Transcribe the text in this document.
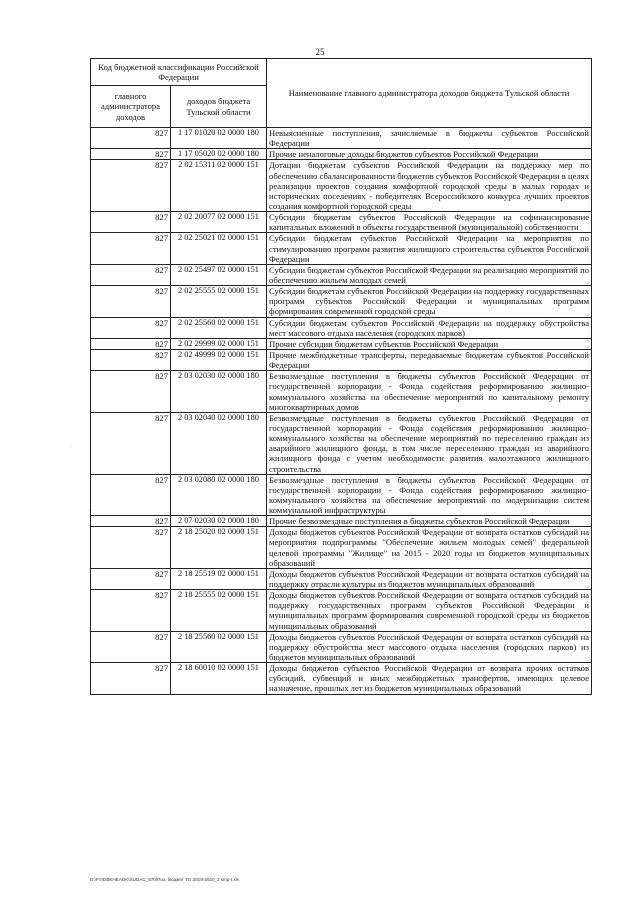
25
Код бюджетной классификации Российской Федерации		Наименование главного администратора доходов бюджета Тульской области
главного администратора доходов	доходов бюджета Тульской области	
827	1 17 01020 02 0000 180	Невыясненные поступления, зачисляемые в бюджеты субъектов Российской Федерации
827	1 17 05020 02 0000 180	Прочие неналоговые доходы бюджетов субъектов Российской Федерации
827	2 02 15311 02 0000 151	Дотации бюджетам субъектов Российской Федерации на поддержку мер по обеспечению сбалансированности бюджетов субъектов Российской Федерации в целях реализации проектов создания комфортной городской среды в малых городах и исторических поселениях - победителях Всероссийского конкурса лучших проектов создания комфортной городской среды
827	2 02 20077 02 0000 151	Субсидии бюджетам субъектов Российской Федерации на софинансирование капитальных вложений в объекты государственной (муниципальной) собственности
827	2 02 25021 02 0000 151	Субсидии бюджетам субъектов Российской Федерации на мероприятия по стимулированию программ развития жилищного строительства субъектов Российской Федерации
827	2 02 25497 02 0000 151	Субсидии бюджетам субъектов Российской Федерации на реализацию мероприятий по обеспечению жильем молодых семей
827	2 02 25555 02 0000 151	Субсидии бюджетам субъектов Российской Федерации на поддержку государственных программ субъектов Российской Федерации и муниципальных программ формирования современной городской среды
827	2 02 25560 02 0000 151	Субсидии бюджетам субъектов Российской Федерации на поддержку обустройства мест массового отдыха населения (городских парков)
827	2 02 29999 02 0000 151	Прочие субсидии бюджетам субъектов Российской Федерации
827	2 02 49999 02 0000 151	Прочие межбюджетные трансферты, передаваемые бюджетам субъектов Российской Федерации
827	2 03 02030 02 0000 180	Безвозмездные поступления в бюджеты субъектов Российской Федерации от государственной корпорации - Фонда содействия реформированию жилищно-коммунального хозяйства на обеспечение мероприятий по капитальному ремонту многоквартирных домов
827	2 03 02040 02 0000 180	Безвозмездные поступления в бюджеты субъектов Российской Федерации от государственной корпорации - Фонда содействия реформированию жилищно-коммунального хозяйства на обеспечение мероприятий по переселению граждан из аварийного жилищного фонда, в том числе переселению граждан из аварийного жилищного фонда с учетом необходимости развития малоэтажного жилищного строительства
827	2 03 02080 02 0000 180	Безвозмездные поступления в бюджеты субъектов Российской Федерации от государственной корпорации - Фонда содействия реформированию жилищно-коммунального хозяйства на обеспечение мероприятий по модернизации систем коммунальной инфраструктуры
827	2 07 02030 02 0000 180	Прочие безвозмездные поступления в бюджеты субъектов Российской Федерации
827	2 18 25020 02 0000 151	Доходы бюджетов субъектов Российской Федерации от возврата остатков субсидий на мероприятия подпрограммы "Обеспечение жильем молодых семей" федеральной целевой программы "Жилище" на 2015 - 2020 годы из бюджетов муниципальных образований
827	2 18 25519 02 0000 151	Доходы бюджетов субъектов Российской Федерации от возврата остатков субсидий на поддержку отрасли культуры из бюджетов муниципальных образований
827	2 18 25555 02 0000 151	Доходы бюджетов субъектов Российской Федерации от возврата остатков субсидий на поддержку государственных программ субъектов Российской Федерации и муниципальных программ формирования современной городской среды из бюджетов муниципальных образований
827	2 18 25560 02 0000 151	Доходы бюджетов субъектов Российской Федерации от возврата остатков субсидий на поддержку обустройства мест массового отдыха населения (городских парков) из бюджетов муниципальных образований
827	2 18 60010 02 0000 151	Доходы бюджетов субъектов Российской Федерации от возврата прочих остатков субсидий, субвенций и иных межбюджетных трансфертов, имеющих целевое назначение, прошлых лет из бюджетов муниципальных образований
·
·
D:\FV\DBKHEADK\SUDAC_570\Поз. бюджет ТО 2019-2020_2 к/пр-t.xls
